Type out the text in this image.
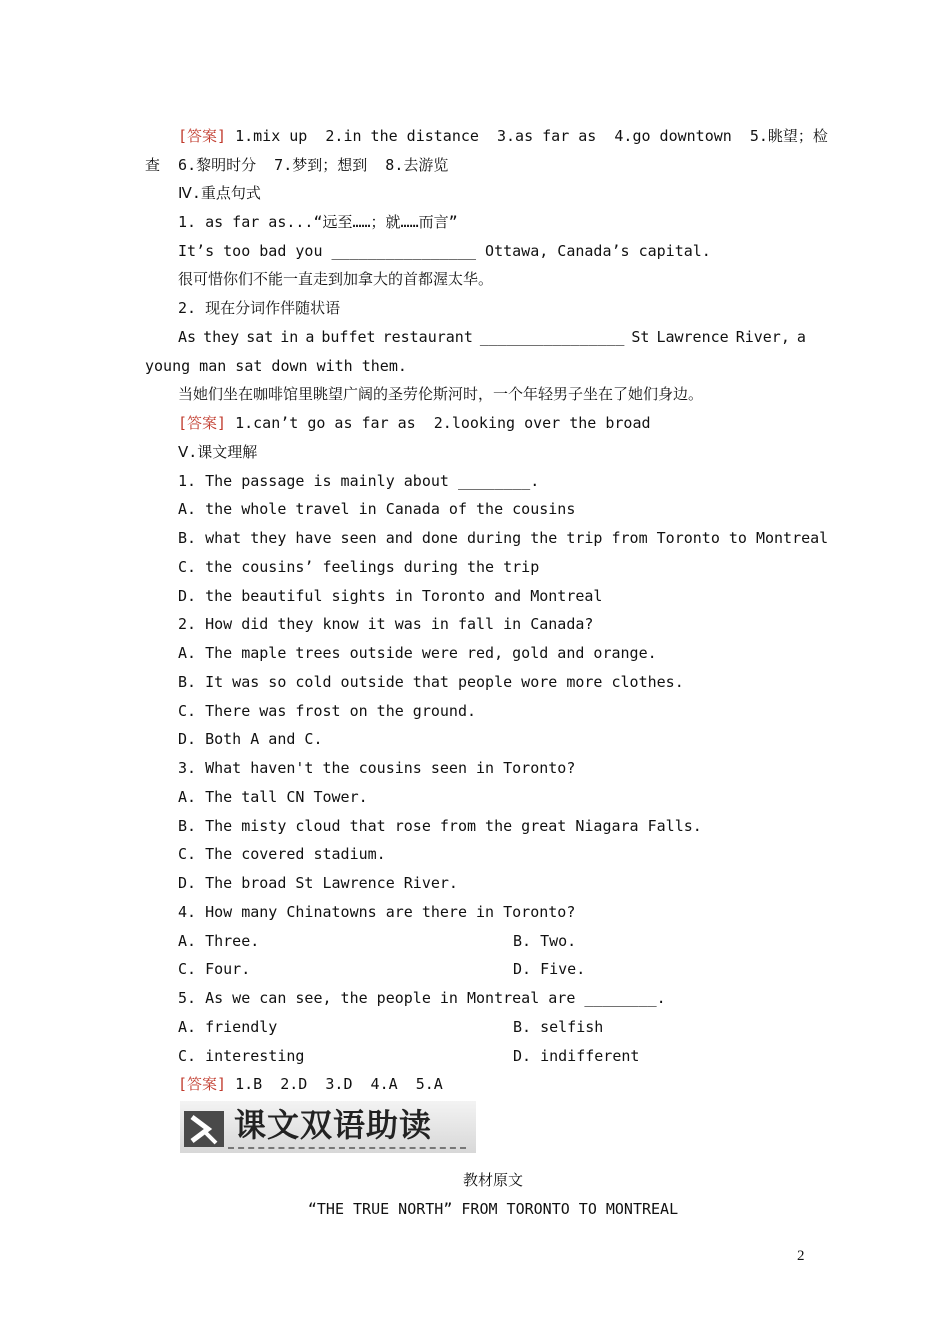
[答案] 1.mix up  2.in the distance  3.as far as  4.go downtown  5.眺望；检
查  6.黎明时分  7.梦到；想到  8.去游览
Ⅳ.重点句式
1. as far as...“远至……；就……而言”
It’s too bad you ________________ Ottawa, Canada’s capital.
很可惜你们不能一直走到加拿大的首都渥太华。
2. 现在分词作伴随状语
As they sat in a buffet restaurant ________________ St Lawrence River, a
young man sat down with them.
当她们坐在咖啡馆里眺望广阔的圣劳伦斯河时，一个年轻男子坐在了她们身边。
[答案] 1.can’t go as far as  2.looking over the broad
Ⅴ.课文理解
1. The passage is mainly about ________.
A. the whole travel in Canada of the cousins
B. what they have seen and done during the trip from Toronto to Montreal
C. the cousins’ feelings during the trip
D. the beautiful sights in Toronto and Montreal
2. How did they know it was in fall in Canada?
A. The maple trees outside were red, gold and orange.
B. It was so cold outside that people wore more clothes.
C. There was frost on the ground.
D. Both A and C.
3. What haven't the cousins seen in Toronto?
A. The tall CN Tower.
B. The misty cloud that rose from the great Niagara Falls.
C. The covered stadium.
D. The broad St Lawrence River.
4. How many Chinatowns are there in Toronto?
A. Three.	B. Two.
C. Four.	D. Five.
5. As we can see, the people in Montreal are ________.
A. friendly	B. selfish
C. interesting	D. indifferent
[答案] 1.B  2.D  3.D  4.A  5.A
课文双语助读
教材原文
“THE TRUE NORTH” FROM TORONTO TO MONTREAL
2
